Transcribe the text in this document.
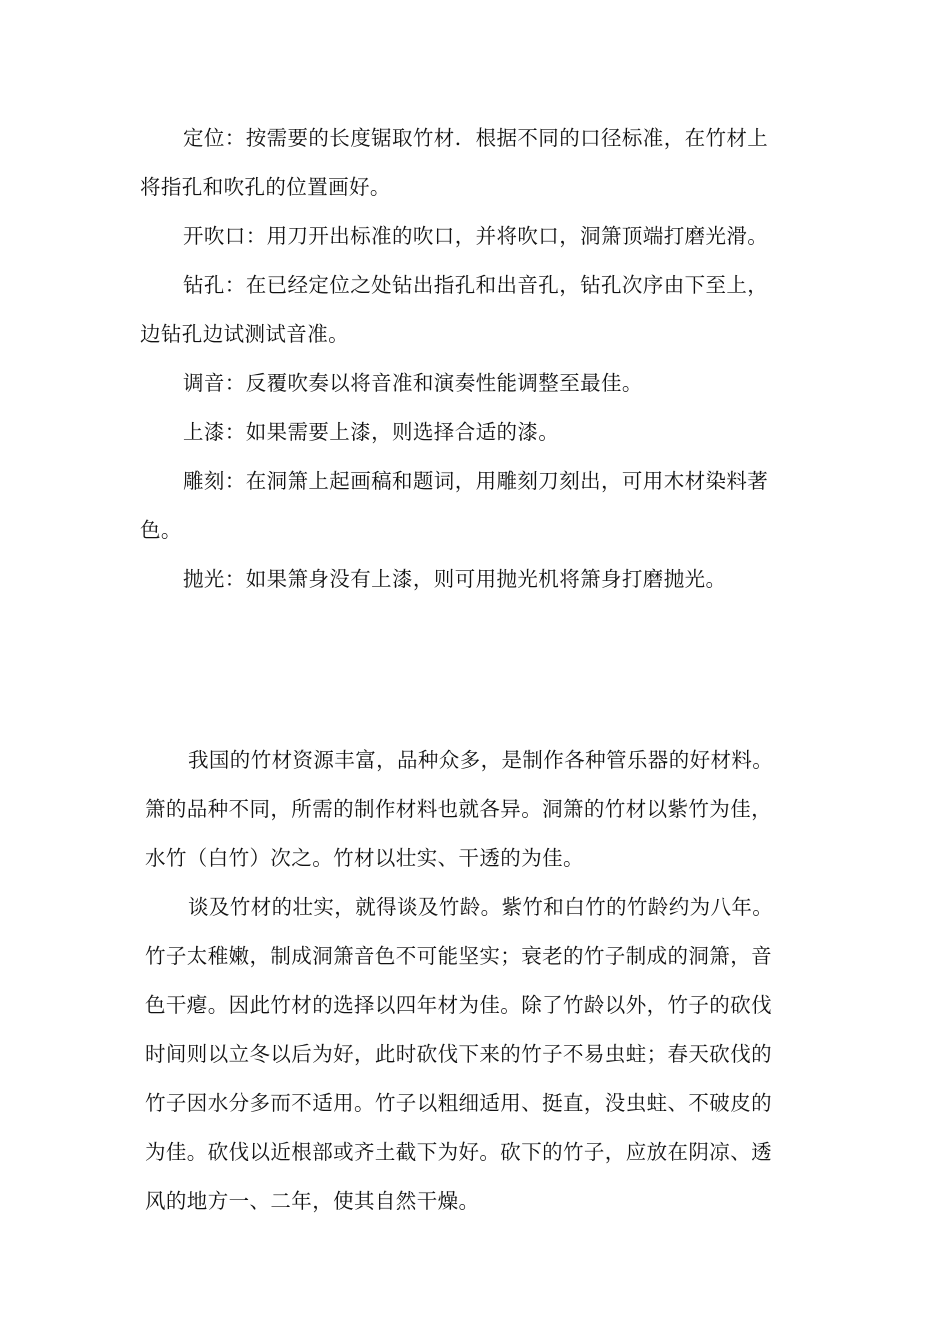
定位：按需要的长度锯取竹材．根据不同的口径标准，在竹材上
将指孔和吹孔的位置画好。
开吹口：用刀开出标准的吹口，并将吹口，洞箫顶端打磨光滑。
钻孔：在已经定位之处钻出指孔和出音孔，钻孔次序由下至上，
边钻孔边试测试音准。
调音：反覆吹奏以将音准和演奏性能调整至最佳。
上漆：如果需要上漆，则选择合适的漆。
雕刻：在洞箫上起画稿和题词，用雕刻刀刻出，可用木材染料著
色。
抛光：如果箫身没有上漆，则可用抛光机将箫身打磨抛光。
我国的竹材资源丰富，品种众多，是制作各种管乐器的好材料。
箫的品种不同，所需的制作材料也就各异。洞箫的竹材以紫竹为佳，
水竹（白竹）次之。竹材以壮实、干透的为佳。
谈及竹材的壮实，就得谈及竹龄。紫竹和白竹的竹龄约为八年。
竹子太稚嫩，制成洞箫音色不可能坚实；衰老的竹子制成的洞箫，音
色干瘪。因此竹材的选择以四年材为佳。除了竹龄以外，竹子的砍伐
时间则以立冬以后为好，此时砍伐下来的竹子不易虫蛀；春天砍伐的
竹子因水分多而不适用。竹子以粗细适用、挺直，没虫蛀、不破皮的
为佳。砍伐以近根部或齐土截下为好。砍下的竹子，应放在阴凉、透
风的地方一、二年，使其自然干燥。
